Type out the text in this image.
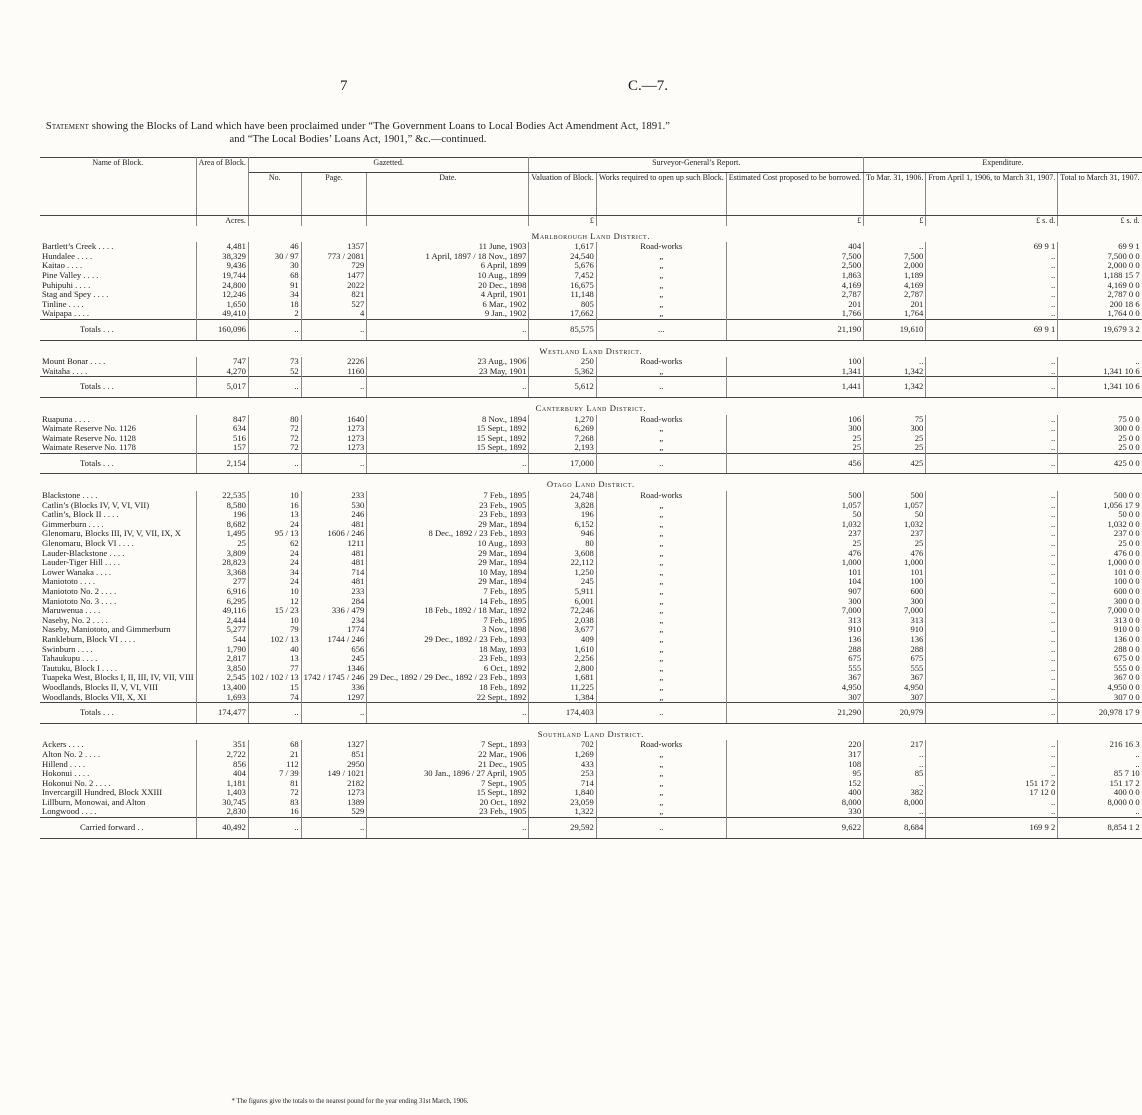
7	C.—7.
Statement showing the Blocks of Land which have been proclaimed under “The Government Loans to Local Bodies Act Amendment Act, 1891.” and “The Local Bodies’ Loans Act, 1901,” &c.—continued.
Name of Block.	Area of Block.	Gazetted.			Surveyor-General’s Report.			Expenditure.		
		No.	Page.	Date.	Valuation of Block.	Works required to open up such Block.	Estimated Cost proposed to be borrowed.	To Mar. 31, 1906.	From April 1, 1906, to March 31, 1907.	Total to March 31, 1907.
	Acres.				£		£	£	£ s. d.	£ s. d.
Marlborough Land District.										
Bartlett’s Creek . . . .	4,481	46	1357	11 June, 1903	1,617	Road-works	404	..	69 9 1	69 9 1
Hundalee . . . .	38,329	30 / 97	773 / 2081	1 April, 1897 / 18 Nov., 1897	24,540	„	7,500	7,500	..	7,500 0 0
Kaitao . . . .	9,436	30	729	6 April, 1899	5,676	„	2,500	2,000	..	2,000 0 0
Pine Valley . . . .	19,744	68	1477	10 Aug., 1899	7,452	„	1,863	1,189	..	1,188 15 7
Puhipuhi . . . .	24,800	91	2022	20 Dec., 1898	16,675	„	4,169	4,169	..	4,169 0 0
Stag and Spey . . . .	12,246	34	821	4 April, 1901	11,148	„	2,787	2,787	..	2,787 0 0
Tinline . . . .	1,650	18	527	6 Mar., 1902	805	„	201	201	..	200 18 6
Waipapa . . . .	49,410	2	4	9 Jan., 1902	17,662	„	1,766	1,764	..	1,764 0 0
Totals . . .	160,096	..	..	..	85,575	...	21,190	19,610	69 9 1	19,679 3 2
Westland Land District.										
Mount Bonar . . . .	747	73	2226	23 Aug., 1906	250	Road-works	100	..	..	..
Waitaha . . . .	4,270	52	1160	23 May, 1901	5,362	„	1,341	1,342	..	1,341 10 6
Totals . . .	5,017	..	..	..	5,612	..	1,441	1,342	..	1,341 10 6
Canterbury Land District.										
Ruapuna . . . .	847	80	1640	8 Nov., 1894	1,270	Road-works	106	75	..	75 0 0
Waimate Reserve No. 1126	634	72	1273	15 Sept., 1892	6,269	„	300	300	..	300 0 0
Waimate Reserve No. 1128	516	72	1273	15 Sept., 1892	7,268	„	25	25	..	25 0 0
Waimate Reserve No. 1178	157	72	1273	15 Sept., 1892	2,193	„	25	25	..	25 0 0
Totals . . .	2,154	..	..	..	17,000	..	456	425	..	425 0 0
Otago Land District.										
Blackstone . . . .	22,535	10	233	7 Feb., 1895	24,748	Road-works	500	500	..	500 0 0
Catlin’s (Blocks IV, V, VI, VII)	8,580	16	530	23 Feb., 1905	3,828	„	1,057	1,057	..	1,056 17 9
Catlin’s, Block II . . . .	196	13	246	23 Feb., 1893	196	„	50	50	..	50 0 0
Gimmerburn . . . .	8,682	24	481	29 Mar., 1894	6,152	„	1,032	1,032	..	1,032 0 0
Glenomaru, Blocks III, IV, V, VII, IX, X	1,495	95 / 13	1606 / 246	8 Dec., 1892 / 23 Feb., 1893	946	„	237	237	..	237 0 0
Glenomaru, Block VI . . . .	25	62	1211	10 Aug., 1893	80	„	25	25	..	25 0 0
Lauder-Blackstone . . . .	3,809	24	481	29 Mar., 1894	3,608	„	476	476	..	476 0 0
Lauder-Tiger Hill . . . .	28,823	24	481	29 Mar., 1894	22,112	„	1,000	1,000	..	1,000 0 0
Lower Wanaka . . . .	3,368	34	714	10 May, 1894	1,250	„	101	101	..	101 0 0
Maniototo . . . .	277	24	481	29 Mar., 1894	245	„	104	100	..	100 0 0
Maniototo No. 2 . . . .	6,916	10	233	7 Feb., 1895	5,911	„	907	600	..	600 0 0
Maniototo No. 3 . . . .	6,295	12	284	14 Feb., 1895	6,001	„	300	300	..	300 0 0
Maruwenua . . . .	49,116	15 / 23	336 / 479	18 Feb., 1892 / 18 Mar., 1892	72,246	„	7,000	7,000	..	7,000 0 0
Naseby, No. 2 . . . .	2,444	10	234	7 Feb., 1895	2,038	„	313	313	..	313 0 0
Naseby, Maniototo, and Gimmerburn	5,277	79	1774	3 Nov., 1898	3,677	„	910	910	..	910 0 0
Rankleburn, Block VI . . . .	544	102 / 13	1744 / 246	29 Dec., 1892 / 23 Feb., 1893	409	„	136	136	..	136 0 0
Swinburn . . . .	1,790	40	656	18 May, 1893	1,610	„	288	288	..	288 0 0
Tahaukupu . . . .	2,817	13	245	23 Feb., 1893	2,256	„	675	675	..	675 0 0
Tautuku, Block I . . . .	3,850	77	1346	6 Oct., 1892	2,800	„	555	555	..	555 0 0
Tuapeka West, Blocks I, II, III, IV, VII, VIII	2,545	102 / 102 / 13	1742 / 1745 / 246	29 Dec., 1892 / 29 Dec., 1892 / 23 Feb., 1893	1,681	„	367	367	..	367 0 0
Woodlands, Blocks II, V, VI, VIII	13,400	15	336	18 Feb., 1892	11,225	„	4,950	4,950	..	4,950 0 0
Woodlands, Blocks VII, X, XI	1,693	74	1297	22 Sept., 1892	1,384	„	307	307	..	307 0 0
Totals . . .	174,477	..	..	..	174,403	..	21,290	20,979	..	20,978 17 9
Southland Land District.										
Ackers . . . .	351	68	1327	7 Sept., 1893	702	Road-works	220	217	..	216 16 3
Alton No. 2 . . . .	2,722	21	851	22 Mar., 1906	1,269	„	317	..	..	..
Hillend . . . .	856	112	2950	21 Dec., 1905	433	„	108	..	..	..
Hokonui . . . .	404	7 / 39	149 / 1021	30 Jan., 1896 / 27 April, 1905	253	„	95	85	..	85 7 10
Hokonui No. 2 . . . .	1,181	81	2182	7 Sept., 1905	714	„	152	..	151 17 2	151 17 2
Invercargill Hundred, Block XXIII	1,403	72	1273	15 Sept., 1892	1,840	„	400	382	17 12 0	400 0 0
Lillburn, Monowai, and Alton	30,745	83	1389	20 Oct., 1892	23,059	„	8,000	8,000	..	8,000 0 0
Longwood . . . .	2,830	16	529	23 Feb., 1905	1,322	„	330	..	..	..
Carried forward . .	40,492	..	..	..	29,592	..	9,622	8,684	169 9 2	8,854 1 2
* The figures give the totals to the nearest pound for the year ending 31st March, 1906.
